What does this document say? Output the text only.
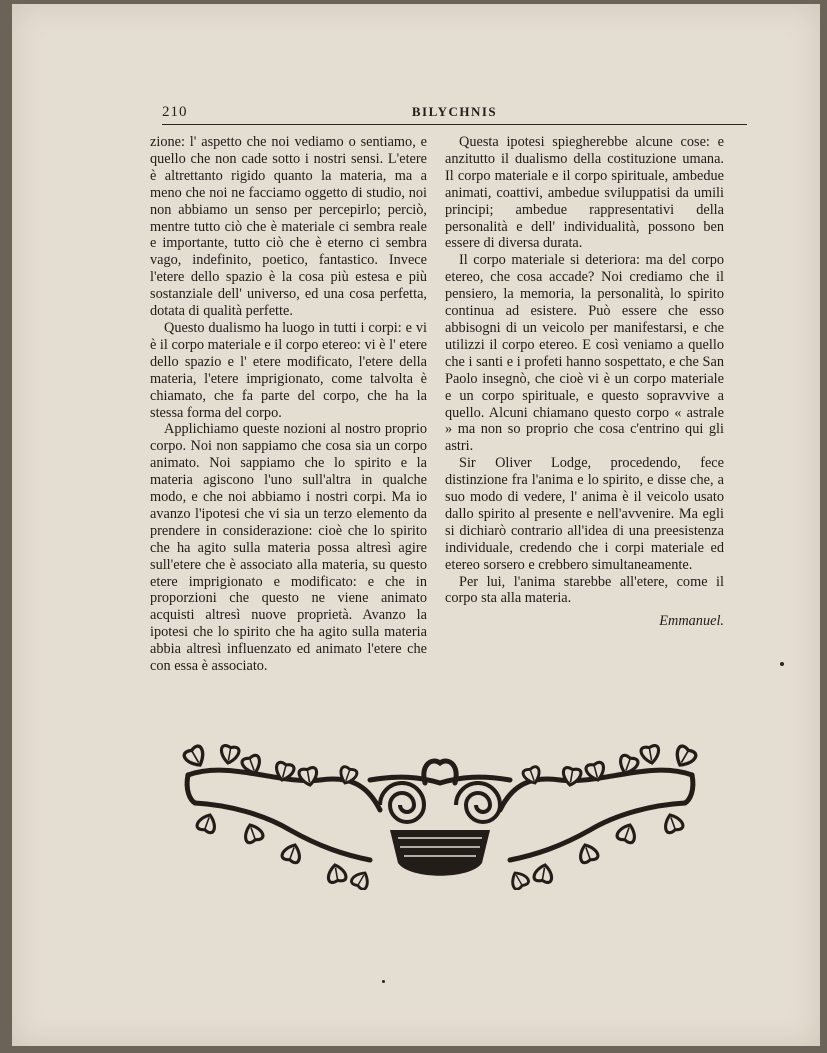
210	BILYCHNIS

zione: l' aspetto che noi vediamo o sentiamo, e quello che non cade sotto i nostri sensi. L'etere è altrettanto rigido quanto la materia, ma a meno che noi ne facciamo oggetto di studio, noi non abbiamo un senso per percepirlo; perciò, mentre tutto ciò che è materiale ci sembra reale e importante, tutto ciò che è eterno ci sembra vago, indefinito, poetico, fantastico. Invece l'etere dello spazio è la cosa più estesa e più sostanziale dell' universo, ed una cosa perfetta, dotata di qualità perfette.

Questo dualismo ha luogo in tutti i corpi: e vi è il corpo materiale e il corpo etereo: vi è l' etere dello spazio e l' etere modificato, l'etere della materia, l'etere imprigionato, come talvolta è chiamato, che fa parte del corpo, che ha la stessa forma del corpo.

Applichiamo queste nozioni al nostro proprio corpo. Noi non sappiamo che cosa sia un corpo animato. Noi sappiamo che lo spirito e la materia agiscono l'uno sull'altra in qualche modo, e che noi abbiamo i nostri corpi. Ma io avanzo l'ipotesi che vi sia un terzo elemento da prendere in considerazione: cioè che lo spirito che ha agito sulla materia possa altresì agire sull'etere che è associato alla materia, su questo etere imprigionato e modificato: e che in proporzioni che questo ne viene animato acquisti altresì nuove proprietà. Avanzo la ipotesi che lo spirito che ha agito sulla materia abbia altresì influenzato ed animato l'etere che con essa è associato.

Questa ipotesi spiegherebbe alcune cose: e anzitutto il dualismo della costituzione umana. Il corpo materiale e il corpo spirituale, ambedue animati, coattivi, ambedue sviluppatisi da umili principi; ambedue rappresentativi della personalità e dell' individualità, possono ben essere di diversa durata.

Il corpo materiale si deteriora: ma del corpo etereo, che cosa accade? Noi crediamo che il pensiero, la memoria, la personalità, lo spirito continua ad esistere. Può essere che esso abbisogni di un veicolo per manifestarsi, e che utilizzi il corpo etereo. E così veniamo a quello che i santi e i profeti hanno sospettato, e che San Paolo insegnò, che cioè vi è un corpo materiale e un corpo spirituale, e questo sopravvive a quello. Alcuni chiamano questo corpo « astrale » ma non so proprio che cosa c'entrino qui gli astri.

Sir Oliver Lodge, procedendo, fece distinzione fra l'anima e lo spirito, e disse che, a suo modo di vedere, l' anima è il veicolo usato dallo spirito al presente e nell'avvenire. Ma egli si dichiarò contrario all'idea di una preesistenza individuale, credendo che i corpi materiale ed etereo sorsero e crebbero simultaneamente.

Per lui, l'anima starebbe all'etere, come il corpo sta alla materia.

Emmanuel.
